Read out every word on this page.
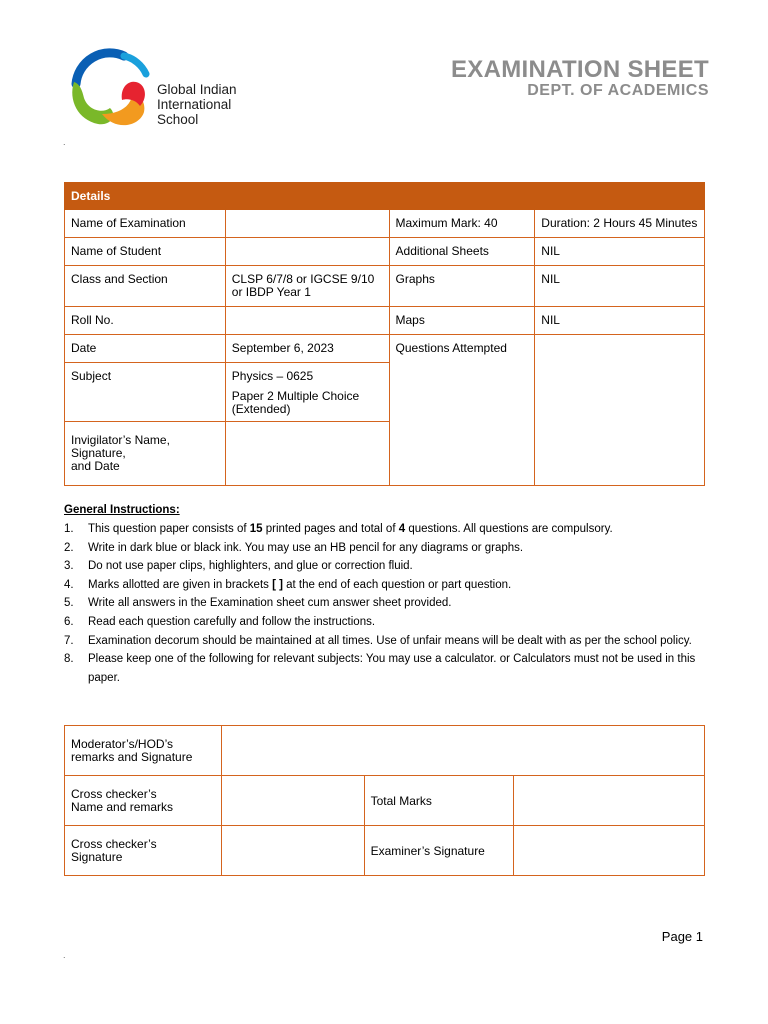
Global Indian
International
School
EXAMINATION SHEET
DEPT. OF ACADEMICS
.
Details			

Name of Examination		Maximum Mark: 40	Duration: 2 Hours 45 Minutes

Name of Student		Additional Sheets	NIL

Class and Section	CLSP 6/7/8 or IGCSE 9/10 or IBDP Year 1	Graphs	NIL

Roll No.		Maps	NIL

Date	September 6, 2023	Questions Attempted	

Subject	Physics – 0625
Paper 2 Multiple Choice (Extended)		

Invigilator’s Name,
Signature,
and Date			

General Instructions:
1. This question paper consists of 15 printed pages and total of 4 questions. All questions are compulsory.
2. Write in dark blue or black ink. You may use an HB pencil for any diagrams or graphs.
3. Do not use paper clips, highlighters, and glue or correction fluid.
4. Marks allotted are given in brackets [ ] at the end of each question or part question.
5. Write all answers in the Examination sheet cum answer sheet provided.
6. Read each question carefully and follow the instructions.
7. Examination decorum should be maintained at all times. Use of unfair means will be dealt with as per the school policy.
8. Please keep one of the following for relevant subjects: You may use a calculator. or Calculators must not be used in this paper.
Moderator’s/HOD’s
remarks and Signature			

Cross checker’s
Name and remarks		Total Marks	

Cross checker’s
Signature		Examiner’s Signature	

Page 1
.
